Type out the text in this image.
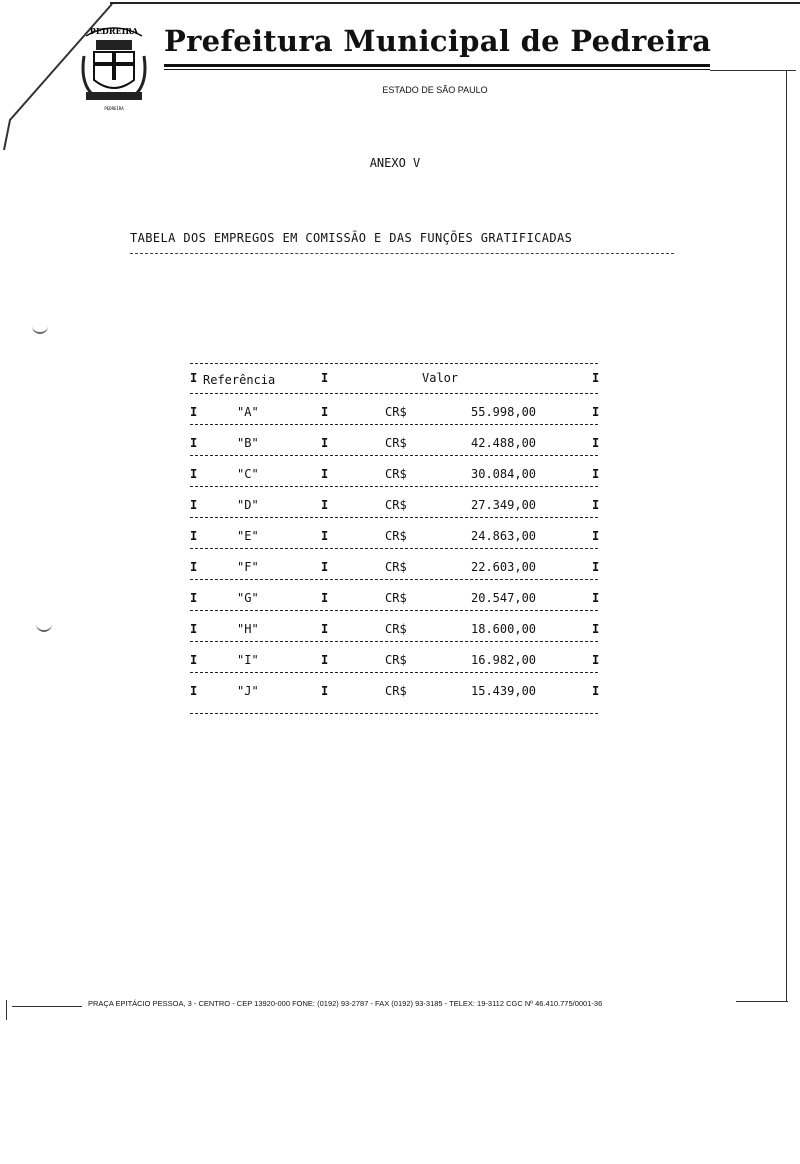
PEDREIRA
PEDREIRA
Prefeitura Municipal de Pedreira
ESTADO DE SÃO PAULO
ANEXO V
TABELA DOS EMPREGOS EM COMISSÃO E DAS FUNÇÕES GRATIFICADAS
Referência	Valor
I	I	I
I	I	I
I	I	I
I	I	I
I	I	I
I	I	I
I	I	I
I	I	I
I	I	I
I	I	I
I	I	I
"A"	CR$	55.998,00
"B"	CR$	42.488,00
"C"	CR$	30.084,00
"D"	CR$	27.349,00
"E"	CR$	24.863,00
"F"	CR$	22.603,00
"G"	CR$	20.547,00
"H"	CR$	18.600,00
"I"	CR$	16.982,00
"J"	CR$	15.439,00
PRAÇA EPITÁCIO PESSOA, 3 - CENTRO - CEP 13920-000 FONE: (0192) 93-2787 - FAX (0192) 93-3185 - TELEX: 19-3112 CGC Nº 46.410.775/0001-36
